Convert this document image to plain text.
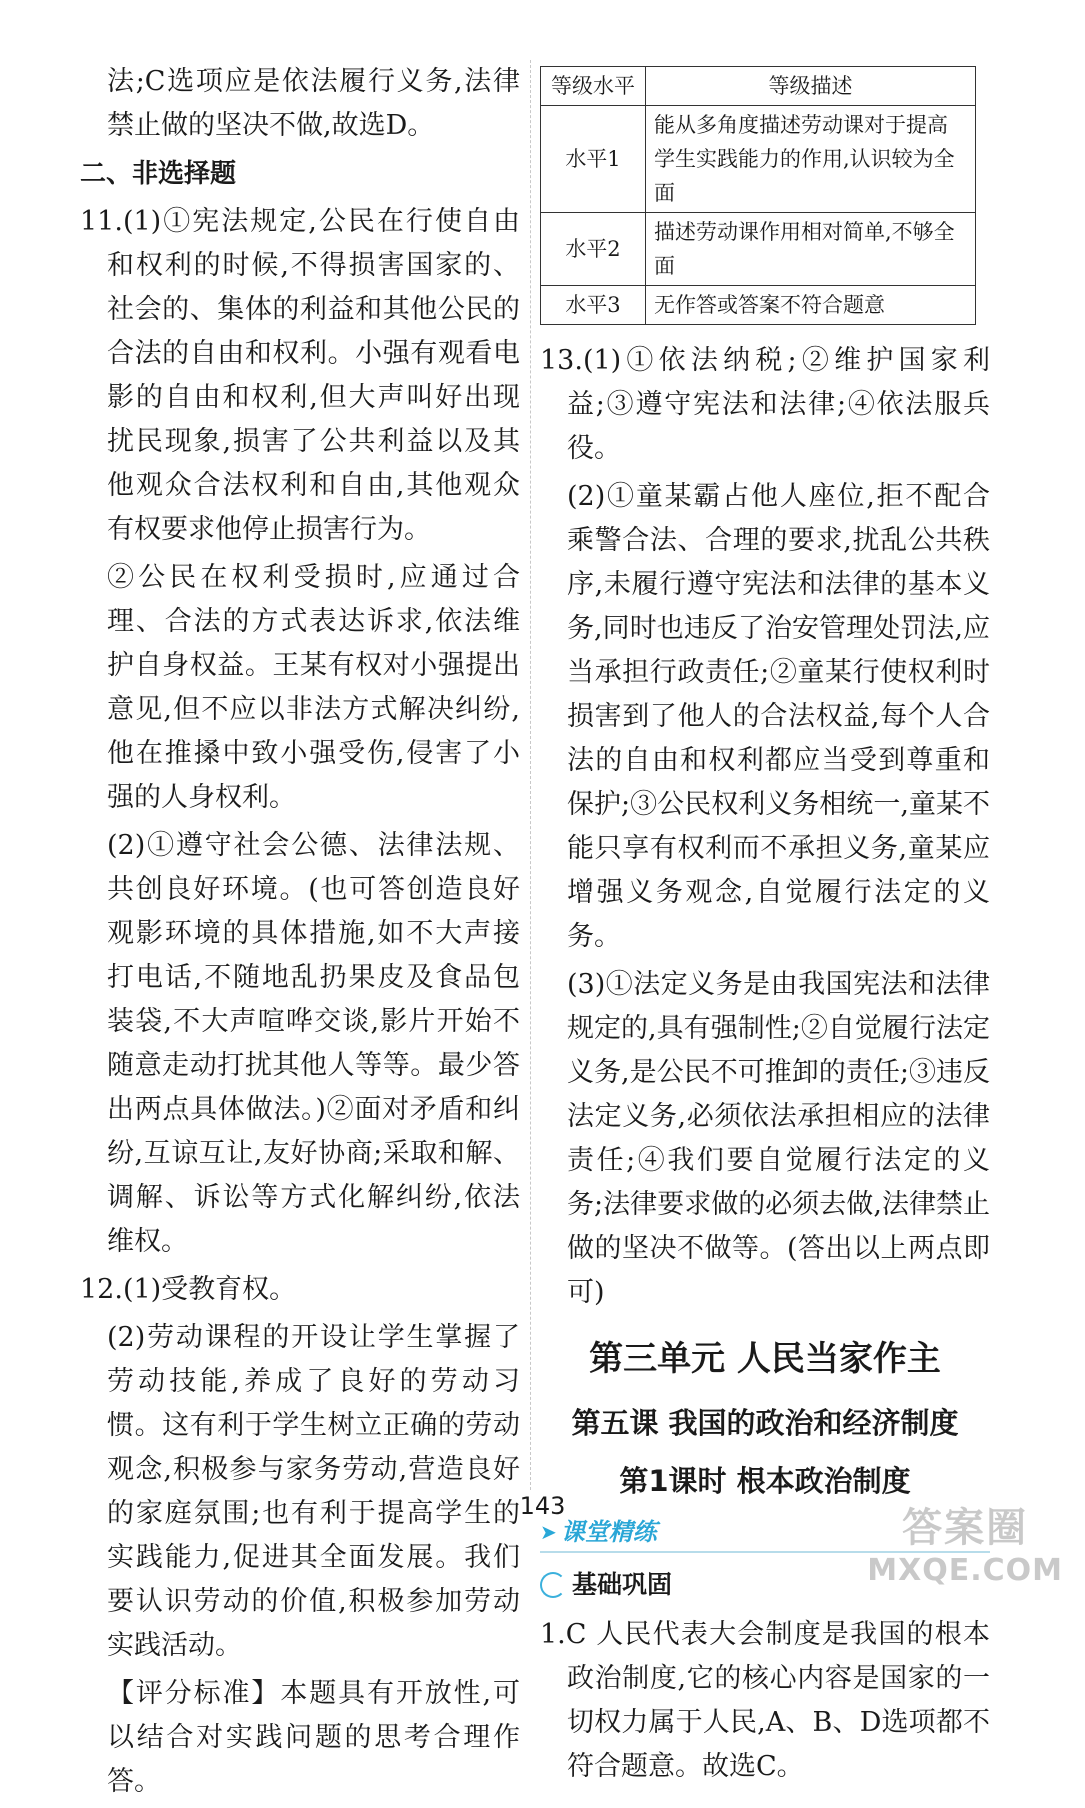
法;C选项应是依法履行义务,法律禁止做的坚决不做,故选D。

二、非选择题

11.(1)①宪法规定,公民在行使自由和权利的时候,不得损害国家的、社会的、集体的利益和其他公民的合法的自由和权利。小强有观看电影的自由和权利,但大声叫好出现扰民现象,损害了公共利益以及其他观众合法权利和自由,其他观众有权要求他停止损害行为。

②公民在权利受损时,应通过合理、合法的方式表达诉求,依法维护自身权益。王某有权对小强提出意见,但不应以非法方式解决纠纷,他在推搡中致小强受伤,侵害了小强的人身权利。

(2)①遵守社会公德、法律法规、共创良好环境。(也可答创造良好观影环境的具体措施,如不大声接打电话,不随地乱扔果皮及食品包装袋,不大声喧哗交谈,影片开始不随意走动打扰其他人等等。最少答出两点具体做法。)②面对矛盾和纠纷,互谅互让,友好协商;采取和解、调解、诉讼等方式化解纠纷,依法维权。

12.(1)受教育权。

(2)劳动课程的开设让学生掌握了劳动技能,养成了良好的劳动习惯。这有利于学生树立正确的劳动观念,积极参与家务劳动,营造良好的家庭氛围;也有利于提高学生的实践能力,促进其全面发展。我们要认识劳动的价值,积极参加劳动实践活动。

【评分标准】本题具有开放性,可以结合对实践问题的思考合理作答。

等级水平	等级描述
水平1	能从多角度描述劳动课对于提高学生实践能力的作用,认识较为全面
水平2	描述劳动课作用相对简单,不够全面
水平3	无作答或答案不符合题意

13.(1)①依法纳税;②维护国家利益;③遵守宪法和法律;④依法服兵役。

(2)①童某霸占他人座位,拒不配合乘警合法、合理的要求,扰乱公共秩序,未履行遵守宪法和法律的基本义务,同时也违反了治安管理处罚法,应当承担行政责任;②童某行使权利时损害到了他人的合法权益,每个人合法的自由和权利都应当受到尊重和保护;③公民权利义务相统一,童某不能只享有权利而不承担义务,童某应增强义务观念,自觉履行法定的义务。

(3)①法定义务是由我国宪法和法律规定的,具有强制性;②自觉履行法定义务,是公民不可推卸的责任;③违反法定义务,必须依法承担相应的法律责任;④我们要自觉履行法定的义务;法律要求做的必须去做,法律禁止做的坚决不做等。(答出以上两点即可)

第三单元 人民当家作主
第五课 我国的政治和经济制度
第1课时 根本政治制度
➤ 课堂精练
基础巩固

1.C 人民代表大会制度是我国的根本政治制度,它的核心内容是国家的一切权力属于人民,A、B、D选项都不符合题意。故选C。

143	答案圈
MXQE.COM
